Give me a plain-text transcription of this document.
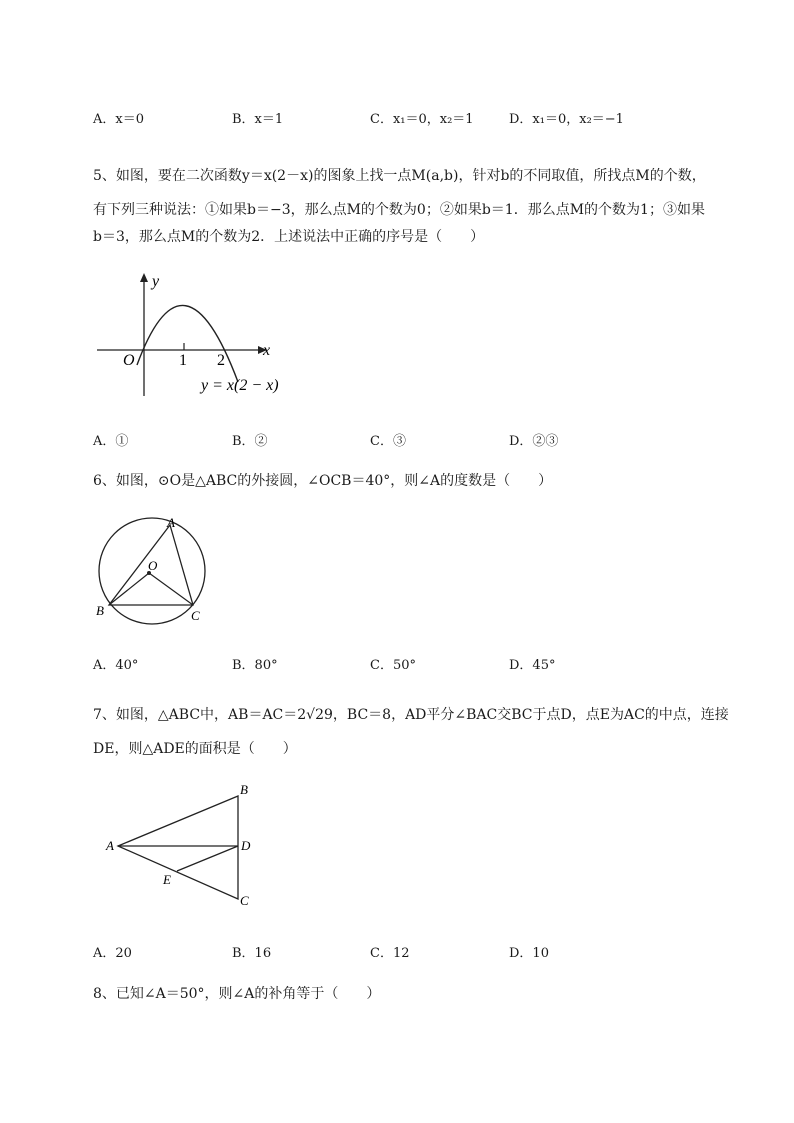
A．x＝0	B．x＝1	C．x₁＝0，x₂＝1	D．x₁＝0，x₂＝−1
5、如图，要在二次函数y＝x(2－x)的图象上找一点M(a,b)，针对b的不同取值，所找点M的个数，
有下列三种说法：①如果b＝−3，那么点M的个数为0；②如果b＝1．那么点M的个数为1；③如果
b＝3，那么点M的个数为2．上述说法中正确的序号是（　　）
y
x
O	1 2
y = x(2 − x)
A．①	B．②	C．③	D．②③
6、如图，⊙O是△ABC的外接圆，∠OCB＝40°，则∠A的度数是（　　）
A
B	C
O
A．40°	B．80°	C．50°	D．45°
7、如图，△ABC中，AB＝AC＝2√29，BC＝8，AD平分∠BAC交BC于点D，点E为AC的中点，连接
DE，则△ADE的面积是（　　）
A
B
C
D
E
A．20	B．16	C．12	D．10
8、已知∠A＝50°，则∠A的补角等于（　　）
